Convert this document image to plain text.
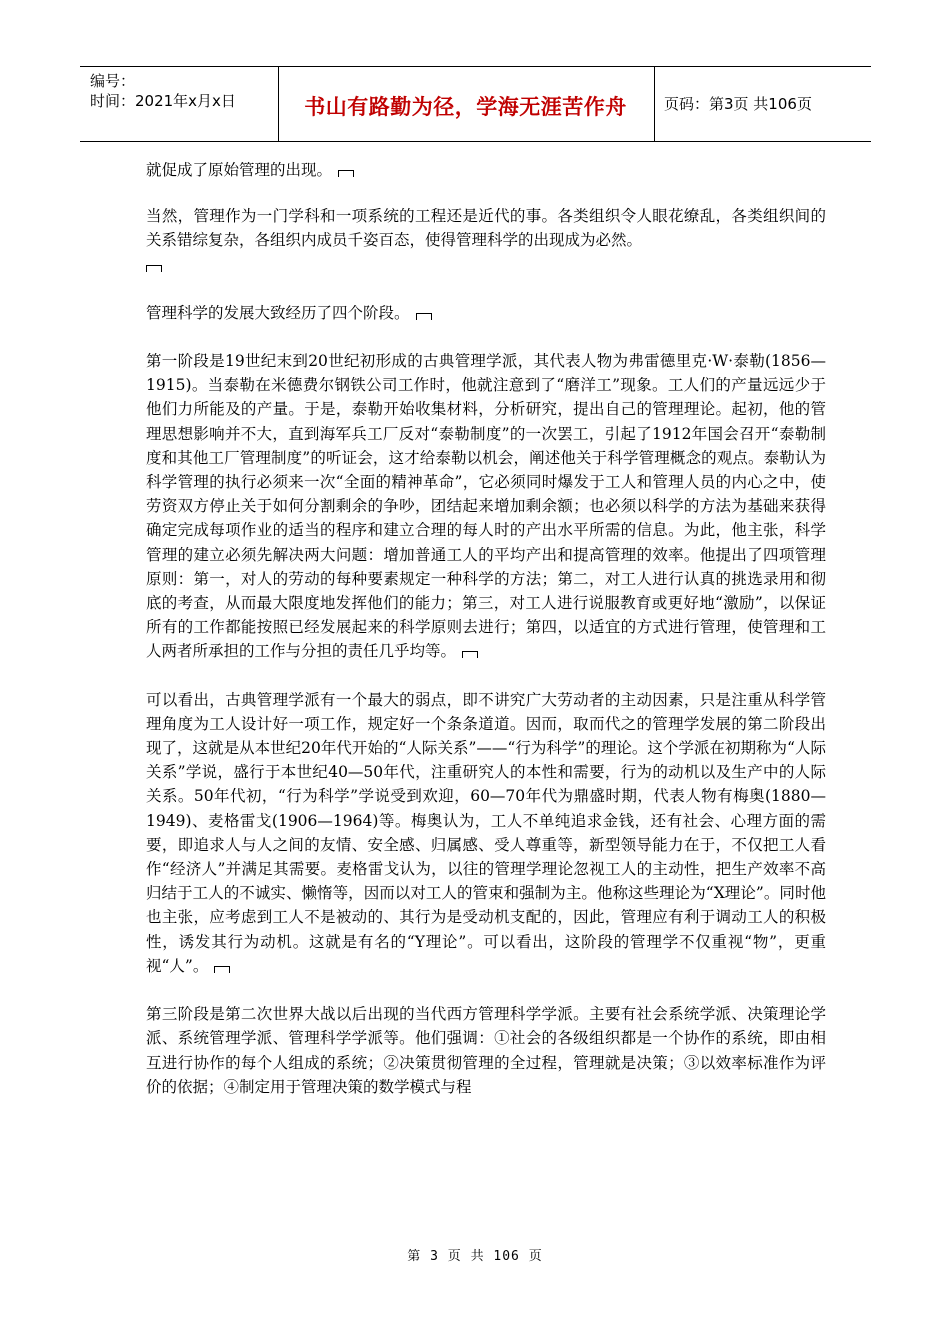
编号：
时间：2021年x月x日	书山有路勤为径，学海无涯苦作舟	页码：第3页 共106页

就促成了原始管理的出现。

当然，管理作为一门学科和一项系统的工程还是近代的事。各类组织令人眼花缭乱，各类组织间的关系错综复杂，各组织内成员千姿百态，使得管理科学的出现成为必然。

管理科学的发展大致经历了四个阶段。

第一阶段是19世纪末到20世纪初形成的古典管理学派，其代表人物为弗雷德里克·W·泰勒(1856—1915)。当泰勒在米德费尔钢铁公司工作时，他就注意到了“磨洋工”现象。工人们的产量远远少于他们力所能及的产量。于是，泰勒开始收集材料，分析研究，提出自己的管理理论。起初，他的管理思想影响并不大，直到海军兵工厂反对“泰勒制度”的一次罢工，引起了1912年国会召开“泰勒制度和其他工厂管理制度”的听证会，这才给泰勒以机会，阐述他关于科学管理概念的观点。泰勒认为科学管理的执行必须来一次“全面的精神革命”，它必须同时爆发于工人和管理人员的内心之中，使劳资双方停止关于如何分割剩余的争吵，团结起来增加剩余额；也必须以科学的方法为基础来获得确定完成每项作业的适当的程序和建立合理的每人时的产出水平所需的信息。为此，他主张，科学管理的建立必须先解决两大问题：增加普通工人的平均产出和提高管理的效率。他提出了四项管理原则：第一，对人的劳动的每种要素规定一种科学的方法；第二，对工人进行认真的挑选录用和彻底的考查，从而最大限度地发挥他们的能力；第三，对工人进行说服教育或更好地“激励”，以保证所有的工作都能按照已经发展起来的科学原则去进行；第四，以适宜的方式进行管理，使管理和工人两者所承担的工作与分担的责任几乎均等。

可以看出，古典管理学派有一个最大的弱点，即不讲究广大劳动者的主动因素，只是注重从科学管理角度为工人设计好一项工作，规定好一个条条道道。因而，取而代之的管理学发展的第二阶段出现了，这就是从本世纪20年代开始的“人际关系”——“行为科学”的理论。这个学派在初期称为“人际关系”学说，盛行于本世纪40—50年代，注重研究人的本性和需要，行为的动机以及生产中的人际关系。50年代初，“行为科学”学说受到欢迎，60—70年代为鼎盛时期，代表人物有梅奥(1880—1949)、麦格雷戈(1906—1964)等。梅奥认为，工人不单纯追求金钱，还有社会、心理方面的需要，即追求人与人之间的友情、安全感、归属感、受人尊重等，新型领导能力在于，不仅把工人看作“经济人”并满足其需要。麦格雷戈认为，以往的管理学理论忽视工人的主动性，把生产效率不高归结于工人的不诚实、懒惰等，因而以对工人的管束和强制为主。他称这些理论为“X理论”。同时他也主张，应考虑到工人不是被动的、其行为是受动机支配的，因此，管理应有利于调动工人的积极性，诱发其行为动机。这就是有名的“Y理论”。可以看出，这阶段的管理学不仅重视“物”，更重视“人”。

第三阶段是第二次世界大战以后出现的当代西方管理科学学派。主要有社会系统学派、决策理论学派、系统管理学派、管理科学学派等。他们强调：①社会的各级组织都是一个协作的系统，即由相互进行协作的每个人组成的系统；②决策贯彻管理的全过程，管理就是决策；③以效率标准作为评价的依据；④制定用于管理决策的数学模式与程

第 3 页 共 106 页
